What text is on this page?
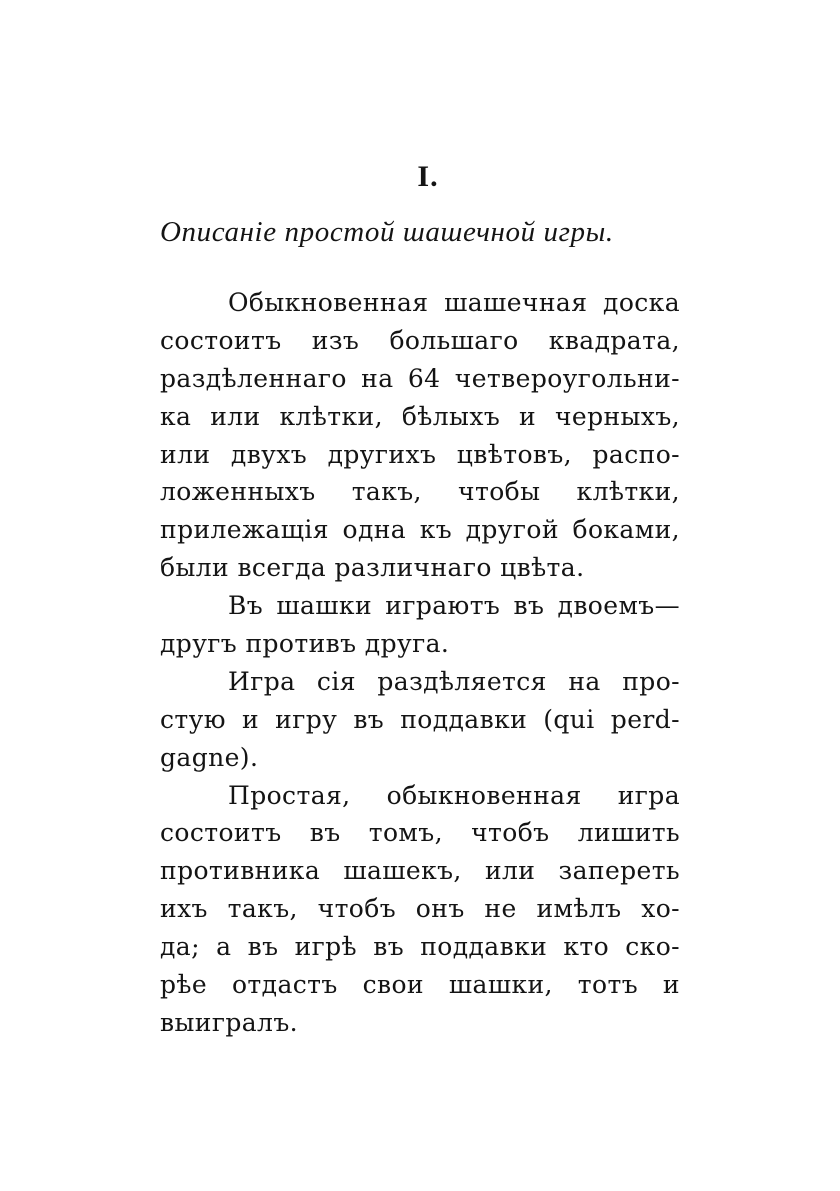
I.
Описанiе простой шашечной игры.
Обыкновенная шашечная доска
состоитъ изъ большаго квадрата,
раздѣленнаго на 64 четвероугольни-
ка или клѣтки, бѣлыхъ и черныхъ,
или двухъ другихъ цвѣтовъ, распо-
ложенныхъ такъ, чтобы клѣтки,
прилежащiя одна къ другой боками,
были всегда различнаго цвѣта.
Въ шашки играютъ въ двоемъ—
другъ противъ друга.
Игра сiя раздѣляется на про-
стую и игру въ поддавки (qui perd-
gagne).
Простая, обыкновенная игра
состоитъ въ томъ, чтобъ лишить
противника шашекъ, или запереть
ихъ такъ, чтобъ онъ не имѣлъ хо-
да; а въ игрѣ въ поддавки кто ско-
рѣе отдастъ свои шашки, тотъ и
выигралъ.
